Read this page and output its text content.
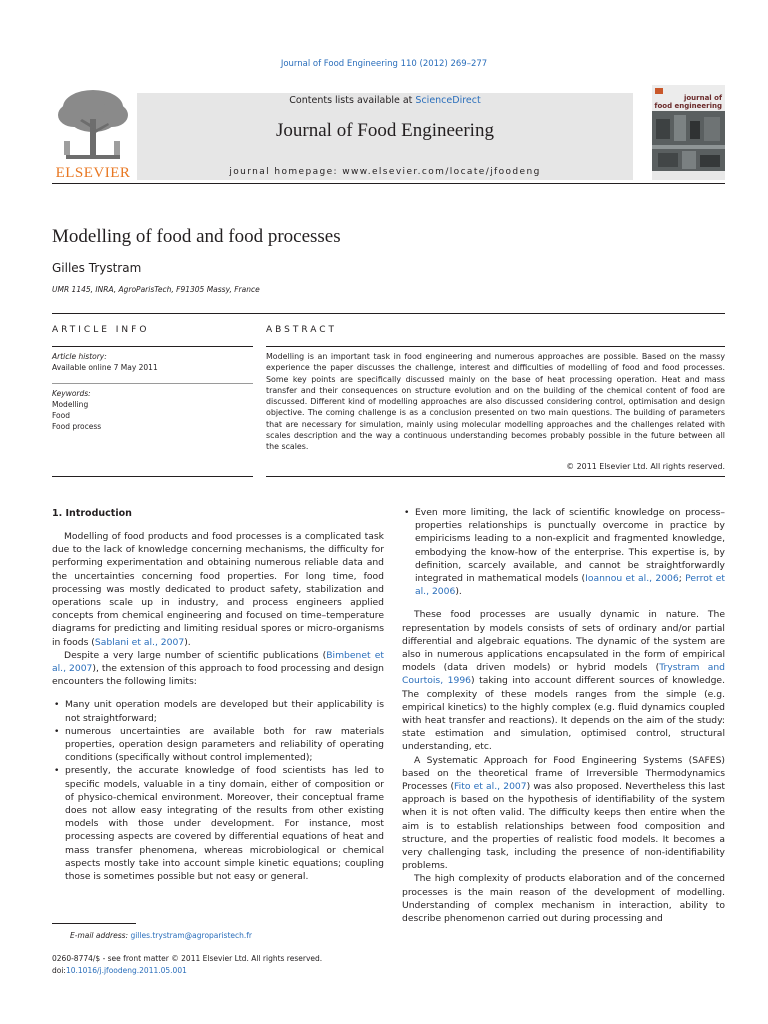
Journal of Food Engineering 110 (2012) 269–277
ELSEVIER
Contents lists available at ScienceDirect
Journal of Food Engineering
journal homepage: www.elsevier.com/locate/jfoodeng
journal of
food engineering
Modelling of food and food processes
Gilles Trystram
UMR 1145, INRA, AgroParisTech, F91305 Massy, France
ARTICLE INFO	ABSTRACT
Article history:
Available online 7 May 2011
Keywords:
Modelling
Food
Food process
Modelling is an important task in food engineering and numerous approaches are possible. Based on the massy experience the paper discusses the challenge, interest and difficulties of modelling of food and food processes. Some key points are specifically discussed mainly on the base of heat processing operation. Heat and mass transfer and their consequences on structure evolution and on the building of the chemical content of food are discussed. Different kind of modelling approaches are also discussed considering control, optimisation and design objective. The coming challenge is as a conclusion presented on two main questions. The building of parameters that are necessary for simulation, mainly using molecular modelling approaches and the challenges related with scales description and the way a continuous understanding becomes probably possible in the future between all the scales.
© 2011 Elsevier Ltd. All rights reserved.
1. Introduction

Modelling of food products and food processes is a complicated task due to the lack of knowledge concerning mechanisms, the difficulty for performing experimentation and obtaining numerous reliable data and the uncertainties concerning food properties. For long time, food processing was mostly dedicated to product safety, stabilization and operations scale up in industry, and process engineers applied concepts from chemical engineering and focused on time–temperature diagrams for predicting and limiting residual spores or micro-organisms in foods (Sablani et al., 2007).

Despite a very large number of scientific publications (Bimbenet et al., 2007), the extension of this approach to food processing and design encounters the following limits:

• Many unit operation models are developed but their applicability is not straightforward;
• numerous uncertainties are available both for raw materials properties, operation design parameters and reliability of operating conditions (specifically without control implemented);
• presently, the accurate knowledge of food scientists has led to specific models, valuable in a tiny domain, either of composition or of physico-chemical environment. Moreover, their conceptual frame does not allow easy integrating of the results from other existing models with those under development. For instance, most processing aspects are covered by differential equations of heat and mass transfer phenomena, whereas microbiological or chemical aspects mostly take into account simple kinetic equations; coupling those is sometimes possible but not easy or general.
• Even more limiting, the lack of scientific knowledge on process–properties relationships is punctually overcome in practice by empiricisms leading to a non-explicit and fragmented knowledge, embodying the know-how of the enterprise. This expertise is, by definition, scarcely available, and cannot be straightforwardly integrated in mathematical models (Ioannou et al., 2006; Perrot et al., 2006).

These food processes are usually dynamic in nature. The representation by models consists of sets of ordinary and/or partial differential and algebraic equations. The dynamic of the system are also in numerous applications encapsulated in the form of empirical models (data driven models) or hybrid models (Trystram and Courtois, 1996) taking into account different sources of knowledge. The complexity of these models ranges from the simple (e.g. empirical kinetics) to the highly complex (e.g. fluid dynamics coupled with heat transfer and reactions). It depends on the aim of the study: state estimation and simulation, optimised control, structural understanding, etc.

A Systematic Approach for Food Engineering Systems (SAFES) based on the theoretical frame of Irreversible Thermodynamics Processes (Fito et al., 2007) was also proposed. Nevertheless this last approach is based on the hypothesis of identifiability of the system when it is not often valid. The difficulty keeps then entire when the aim is to establish relationships between food composition and structure, and the properties of realistic food models. It becomes a very challenging task, including the presence of non-identifiability problems.

The high complexity of products elaboration and of the concerned processes is the main reason of the development of modelling. Understanding of complex mechanism in interaction, ability to describe phenomenon carried out during processing and

E-mail address: gilles.trystram@agroparistech.fr
0260-8774/$ - see front matter © 2011 Elsevier Ltd. All rights reserved.
doi:10.1016/j.jfoodeng.2011.05.001
